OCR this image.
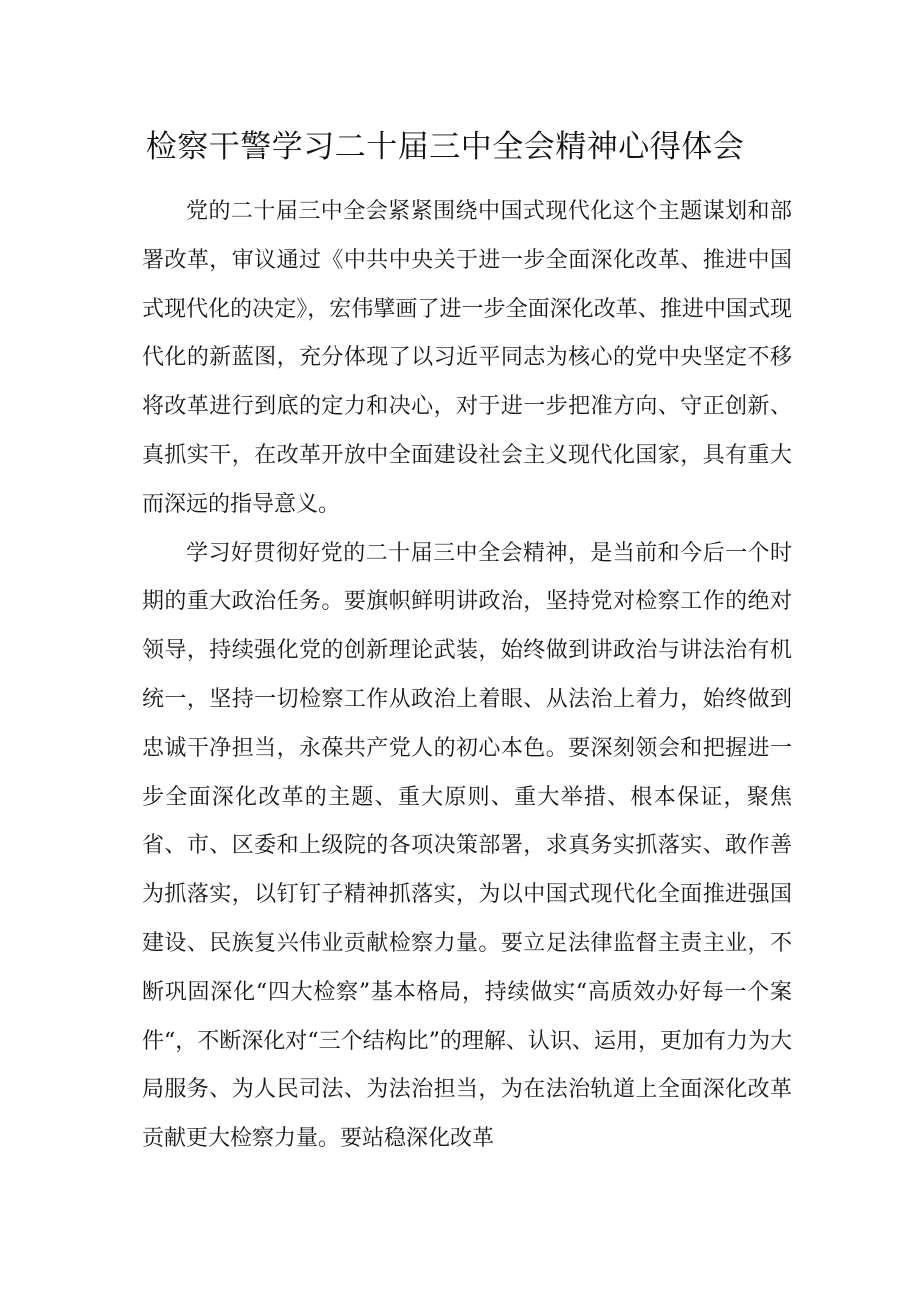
检察干警学习二十届三中全会精神心得体会

党的二十届三中全会紧紧围绕中国式现代化这个主题谋划和部署改革，审议通过《中共中央关于进一步全面深化改革、推进中国式现代化的决定》，宏伟擘画了进一步全面深化改革、推进中国式现代化的新蓝图，充分体现了以习近平同志为核心的党中央坚定不移将改革进行到底的定力和决心，对于进一步把准方向、守正创新、真抓实干，在改革开放中全面建设社会主义现代化国家，具有重大而深远的指导意义。

学习好贯彻好党的二十届三中全会精神，是当前和今后一个时期的重大政治任务。要旗帜鲜明讲政治，坚持党对检察工作的绝对领导，持续强化党的创新理论武装，始终做到讲政治与讲法治有机统一，坚持一切检察工作从政治上着眼、从法治上着力，始终做到忠诚干净担当，永葆共产党人的初心本色。要深刻领会和把握进一步全面深化改革的主题、重大原则、重大举措、根本保证，聚焦省、市、区委和上级院的各项决策部署，求真务实抓落实、敢作善为抓落实，以钉钉子精神抓落实，为以中国式现代化全面推进强国建设、民族复兴伟业贡献检察力量。要立足法律监督主责主业，不断巩固深化“四大检察”基本格局，持续做实“高质效办好每一个案件“，不断深化对“三个结构比”的理解、认识、运用，更加有力为大局服务、为人民司法、为法治担当，为在法治轨道上全面深化改革贡献更大检察力量。要站稳深化改革
